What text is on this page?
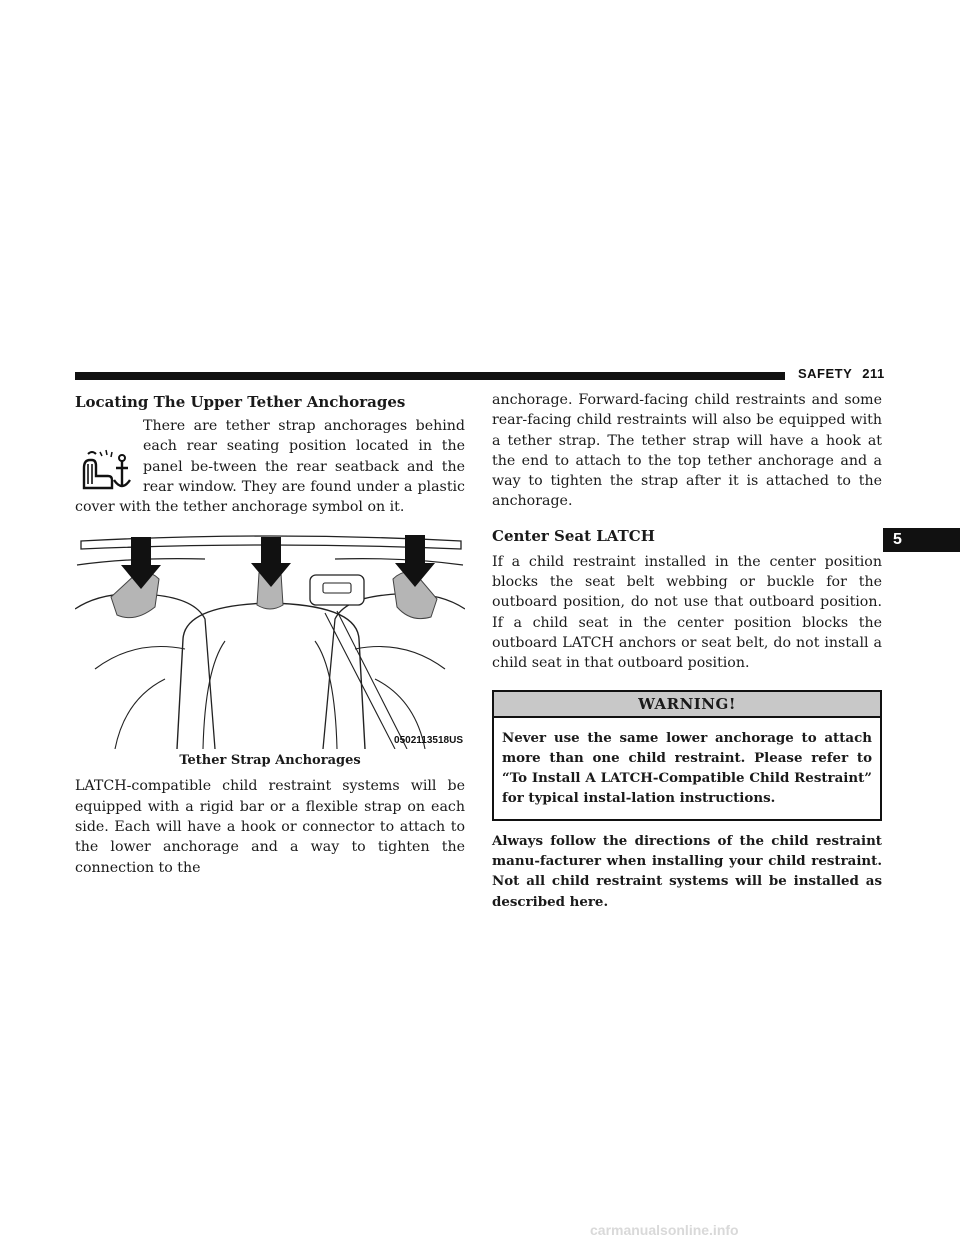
SAFETY 211
5
Locating The Upper Tether Anchorages

There are tether strap anchorages behind each rear seating position located in the panel be-tween the rear seatback and the rear window. They are found under a plastic cover with the tether anchorage symbol on it.

0502113518US
Tether Strap Anchorages

LATCH-compatible child restraint systems will be equipped with a rigid bar or a flexible strap on each side. Each will have a hook or connector to attach to the lower anchorage and a way to tighten the connection to the

anchorage. Forward-facing child restraints and some rear-facing child restraints will also be equipped with a tether strap. The tether strap will have a hook at the end to attach to the top tether anchorage and a way to tighten the strap after it is attached to the anchorage.

Center Seat LATCH

If a child restraint installed in the center position blocks the seat belt webbing or buckle for the outboard position, do not use that outboard position. If a child seat in the center position blocks the outboard LATCH anchors or seat belt, do not install a child seat in that outboard position.

WARNING!
Never use the same lower anchorage to attach more than one child restraint. Please refer to “To Install A LATCH-Compatible Child Restraint” for typical instal-lation instructions.

Always follow the directions of the child restraint manu-facturer when installing your child restraint. Not all child restraint systems will be installed as described here.

carmanualsonline.info
